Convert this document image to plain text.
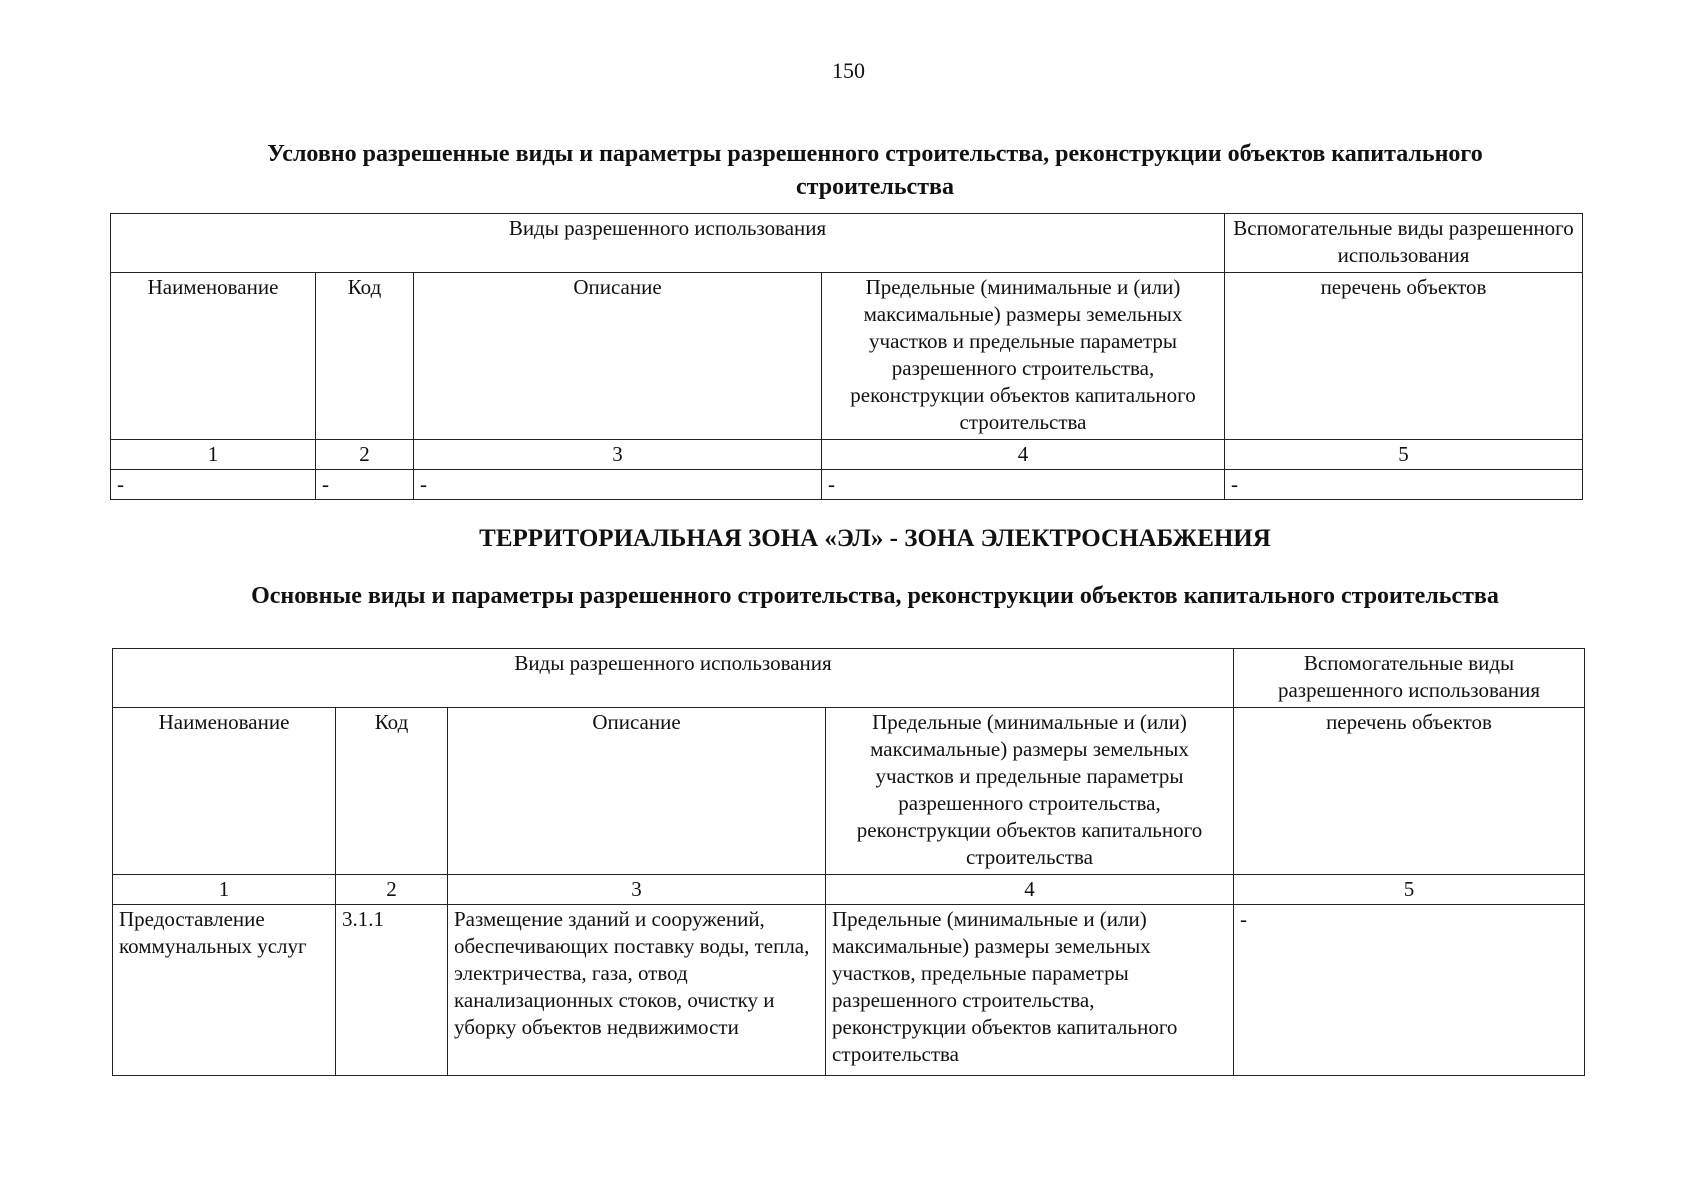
150
Условно разрешенные виды и параметры разрешенного строительства, реконструкции объектов капитального строительства
Виды разрешенного использования				Вспомогательные виды разрешенного использования
Наименование	Код	Описание	Предельные (минимальные и (или) максимальные) размеры земельных участков и предельные параметры разрешенного строительства, реконструкции объектов капитального строительства	перечень объектов
1	2	3	4	5
-	-	-	-	-
ТЕРРИТОРИАЛЬНАЯ ЗОНА «ЭЛ» - ЗОНА ЭЛЕКТРОСНАБЖЕНИЯ
Основные виды и параметры разрешенного строительства, реконструкции объектов капитального строительства
Виды разрешенного использования				Вспомогательные виды разрешенного использования
Наименование	Код	Описание	Предельные (минимальные и (или) максимальные) размеры земельных участков и предельные параметры разрешенного строительства, реконструкции объектов капитального строительства	перечень объектов
1	2	3	4	5
Предоставление коммунальных услуг	3.1.1	Размещение зданий и сооружений, обеспечивающих поставку воды, тепла, электричества, газа, отвод канализационных стоков, очистку и уборку объектов недвижимости	Предельные (минимальные и (или) максимальные) размеры земельных участков, предельные параметры разрешенного строительства, реконструкции объектов капитального строительства	-
